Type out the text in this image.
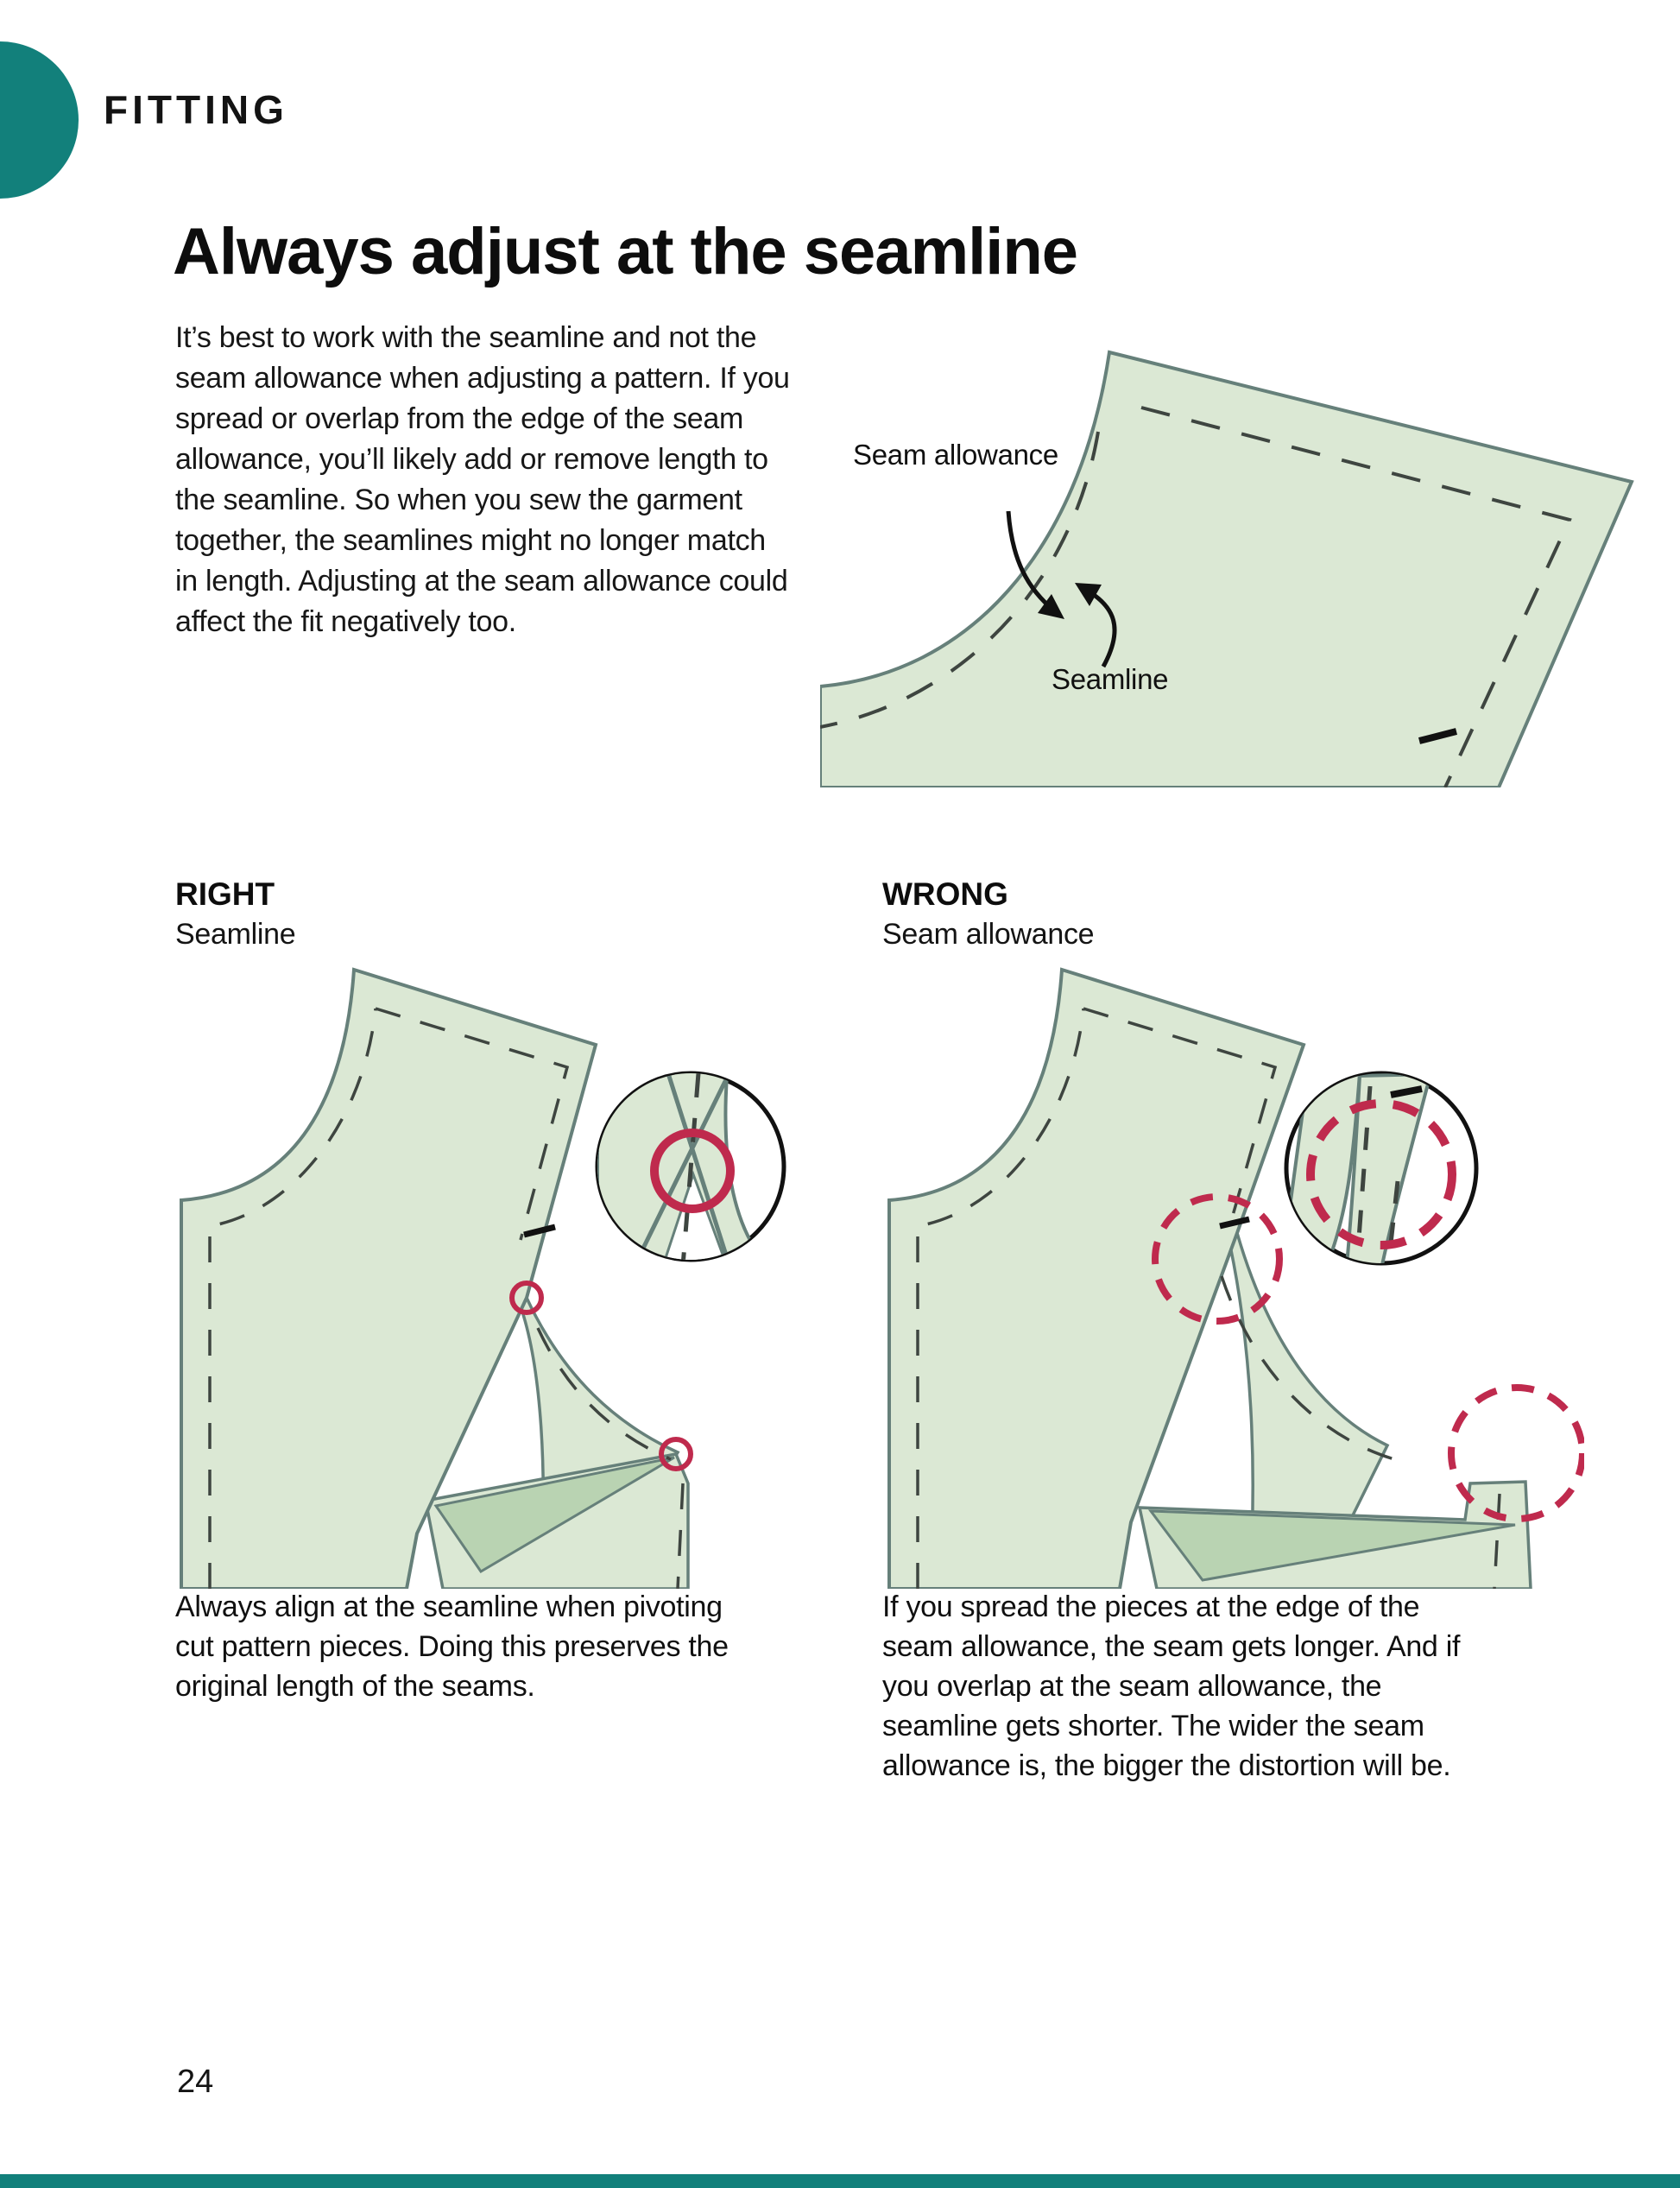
FITTING
Always adjust at the seamline

It’s best to work with the seamline and not the seam allowance when adjusting a pattern. If you spread or overlap from the edge of the seam allowance, you’ll likely add or remove length to the seamline. So when you sew the garment together, the seamlines might no longer match in length. Adjusting at the seam allowance could affect the fit negatively too.

Seam allowance
Seamline
RIGHT
Seamline

Always align at the seamline when pivoting cut pattern pieces. Doing this preserves the original length of the seams.

WRONG
Seam allowance

If you spread the pieces at the edge of the seam allowance, the seam gets longer. And if you overlap at the seam allowance, the seamline gets shorter. The wider the seam allowance is, the bigger the distortion will be.

24
